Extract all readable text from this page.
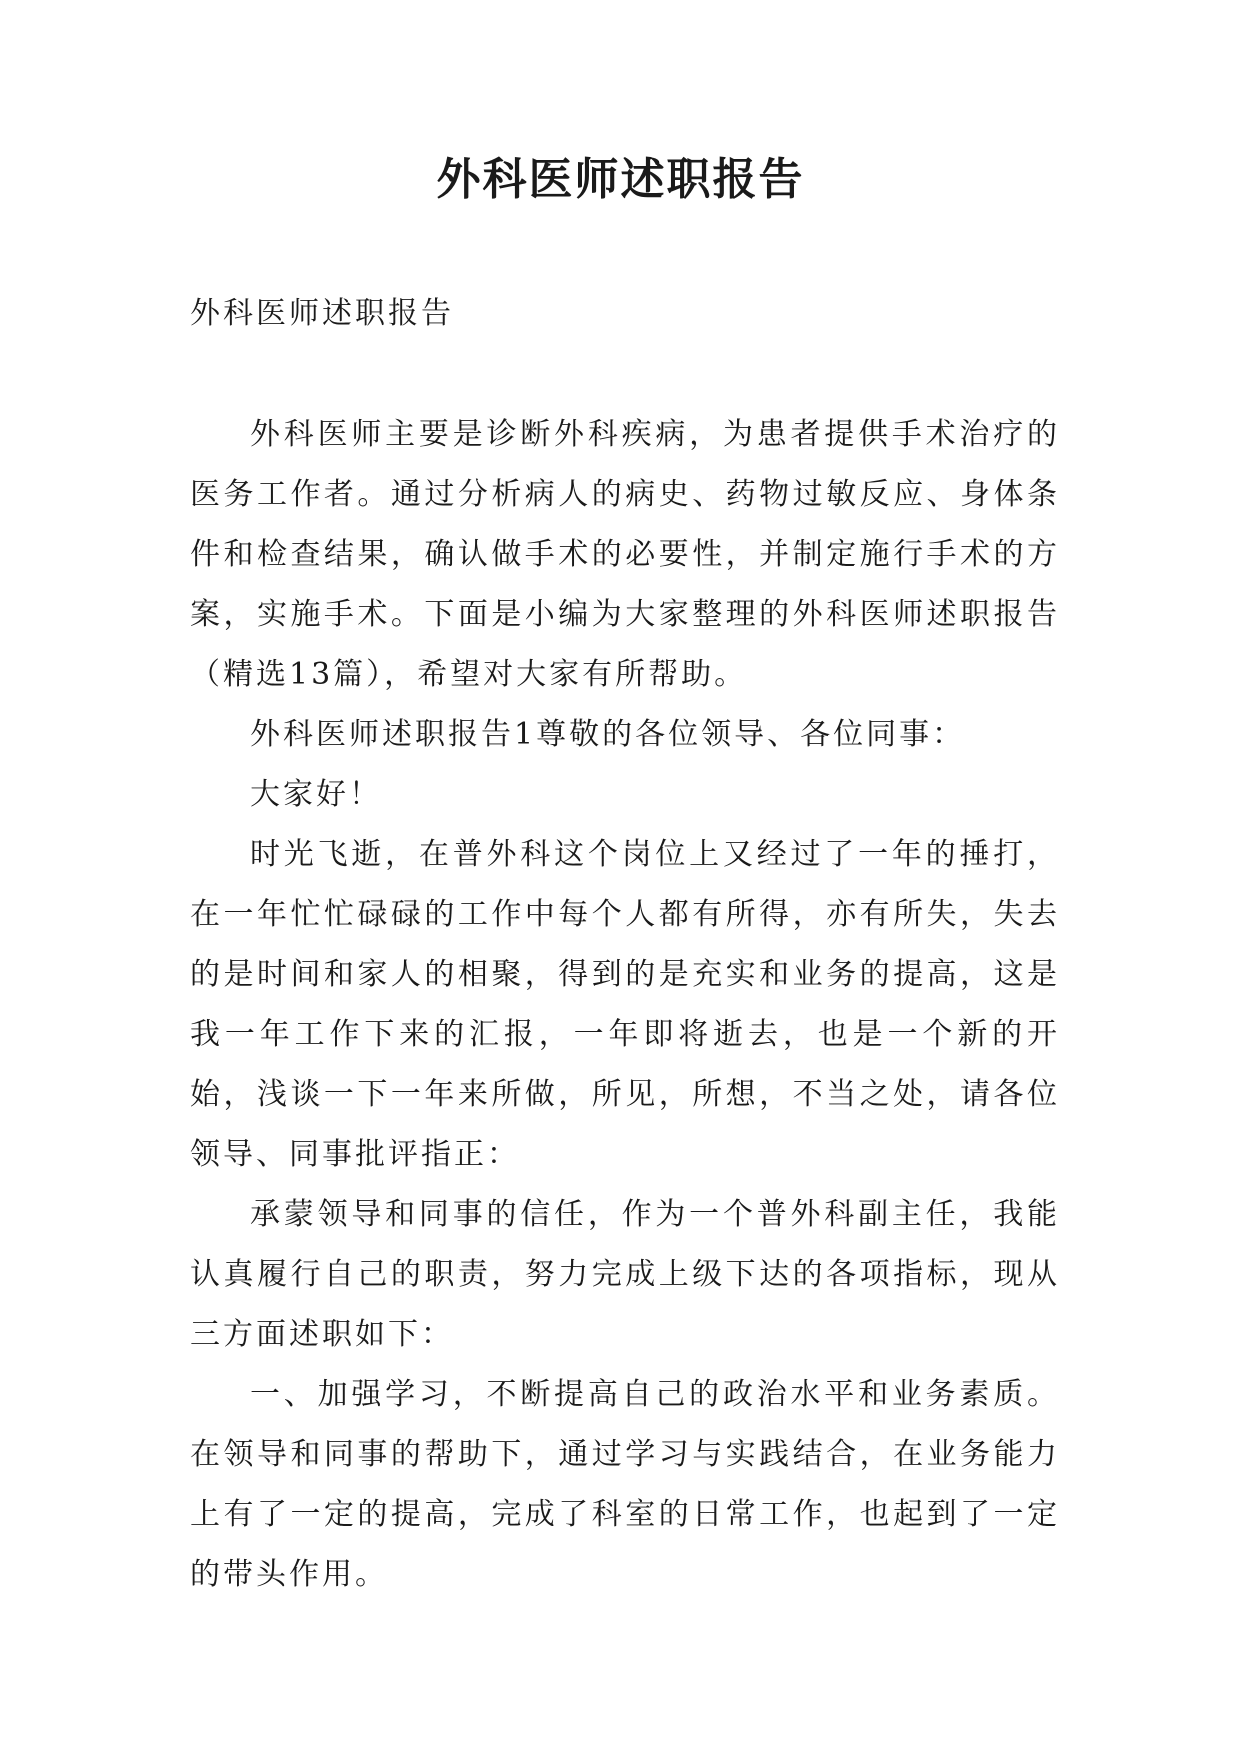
外科医师述职报告

外科医师述职报告

外科医师主要是诊断外科疾病，为患者提供手术治疗的医务工作者。通过分析病人的病史、药物过敏反应、身体条件和检查结果，确认做手术的必要性，并制定施行手术的方案，实施手术。下面是小编为大家整理的外科医师述职报告（精选13篇），希望对大家有所帮助。

外科医师述职报告1尊敬的各位领导、各位同事：

大家好！

时光飞逝，在普外科这个岗位上又经过了一年的捶打，在一年忙忙碌碌的工作中每个人都有所得，亦有所失，失去的是时间和家人的相聚，得到的是充实和业务的提高，这是我一年工作下来的汇报，一年即将逝去，也是一个新的开始，浅谈一下一年来所做，所见，所想，不当之处，请各位领导、同事批评指正：

承蒙领导和同事的信任，作为一个普外科副主任，我能认真履行自己的职责，努力完成上级下达的各项指标，现从三方面述职如下：

一、加强学习，不断提高自己的政治水平和业务素质。在领导和同事的帮助下，通过学习与实践结合，在业务能力上有了一定的提高，完成了科室的日常工作，也起到了一定的带头作用。
